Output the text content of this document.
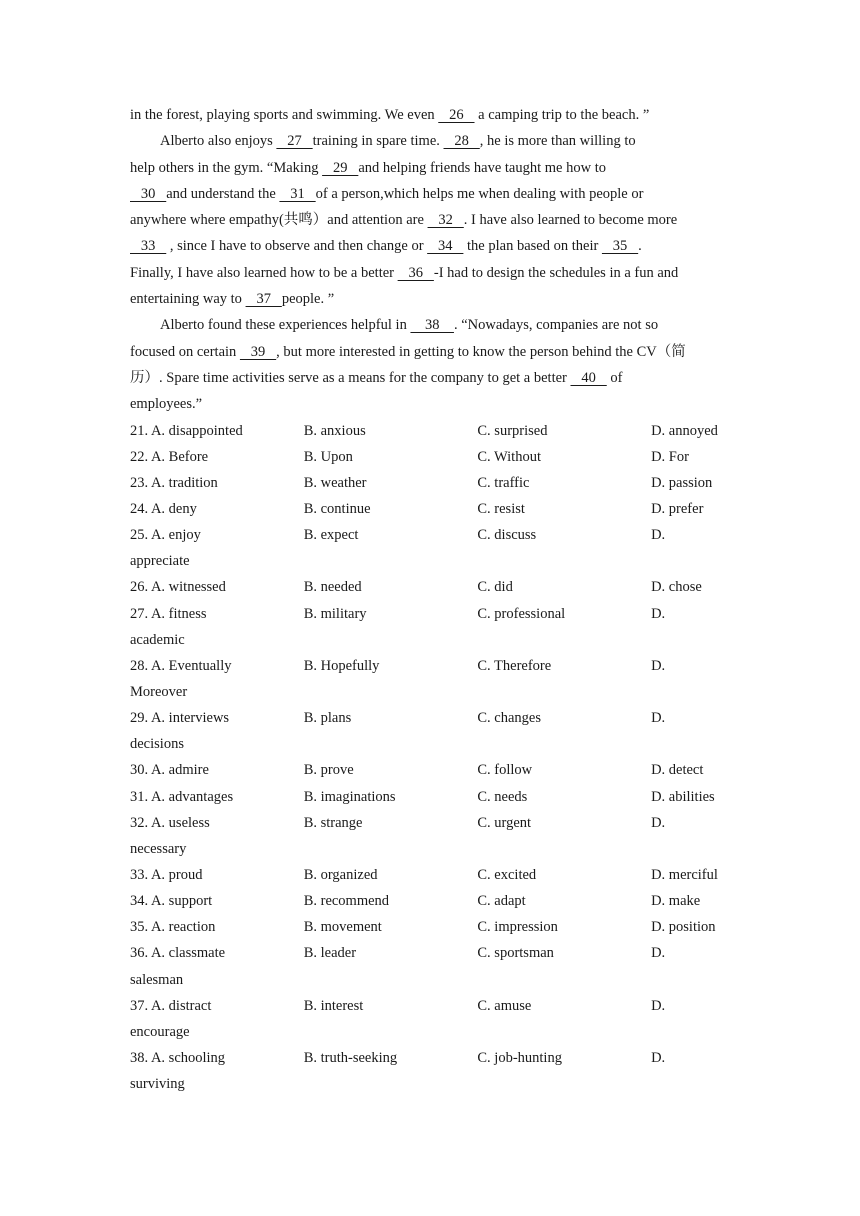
in the forest, playing sports and swimming. We even    26    a camping trip to the beach. ”

Alberto also enjoys    27   training in spare time.    28   , he is more than willing to

help others in the gym. “Making    29   and helping friends have taught me how to

30   and understand the    31   of a person,which helps me when dealing with people or

anywhere where empathy(共鸣）and attention are    32   . I have also learned to become more

33    , since I have to observe and then change or    34    the plan based on their    35   .

Finally, I have also learned how to be a better    36   -I had to design the schedules in a fun and

entertaining way to    37   people. ”

Alberto found these experiences helpful in     38    . “Nowadays, companies are not so

focused on certain    39   , but more interested in getting to know the person behind the CV（简

历）. Spare time activities serve as a means for the company to get a better    40    of

employees.”

21. A. disappointed	B. anxious	C. surprised	D. annoyed
22. A. Before	B. Upon	C. Without	D. For
23. A. tradition	B. weather	C. traffic	D. passion
24. A. deny	B. continue	C. resist	D. prefer
25. A. enjoy	B. expect	C. discuss	D.
appreciate
26. A. witnessed	B. needed	C. did	D. chose
27. A. fitness	B. military	C. professional	D.
academic
28. A. Eventually	B. Hopefully	C. Therefore	D.
Moreover
29. A. interviews	B. plans	C. changes	D.
decisions
30. A. admire	B. prove	C. follow	D. detect
31. A. advantages	B. imaginations	C. needs	D. abilities
32. A. useless	B. strange	C. urgent	D.
necessary
33. A. proud	B. organized	C. excited	D. merciful
34. A. support	B. recommend	C. adapt	D. make
35. A. reaction	B. movement	C. impression	D. position
36. A. classmate	B. leader	C. sportsman	D.
salesman
37. A. distract	B. interest	C. amuse	D.
encourage
38. A. schooling	B. truth-seeking	C. job-hunting	D.
surviving
